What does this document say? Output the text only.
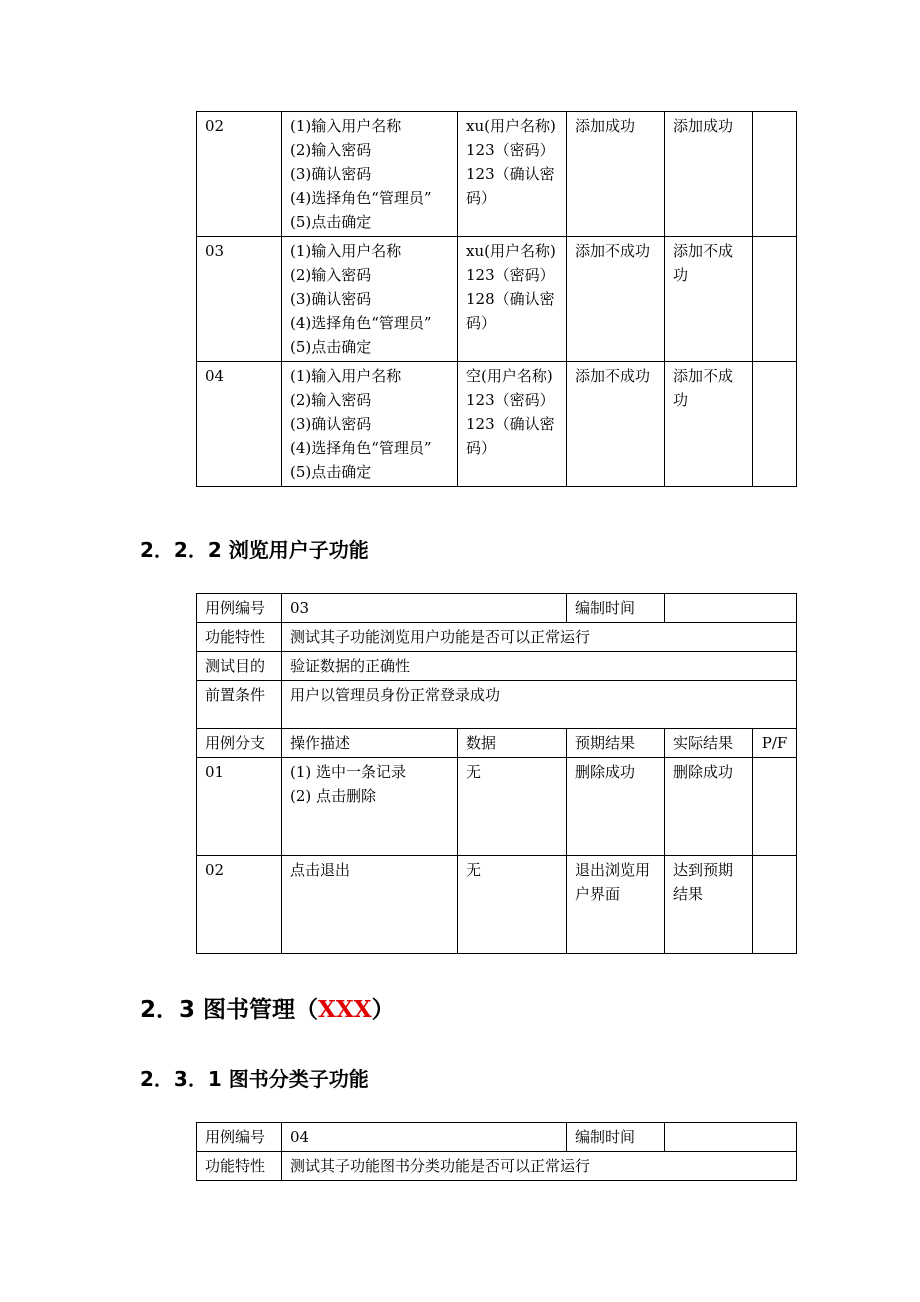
02	(1)输入用户名称
(2)输入密码
(3)确认密码
(4)选择角色“管理员”
(5)点击确定	xu(用户名称)
123（密码）
123（确认密
码）	添加成功	添加成功	
03	(1)输入用户名称
(2)输入密码
(3)确认密码
(4)选择角色“管理员”
(5)点击确定	xu(用户名称)
123（密码）
128（确认密
码）	添加不成功	添加不成
功	

04	(1)输入用户名称
(2)输入密码
(3)确认密码
(4)选择角色“管理员”
(5)点击确定	空(用户名称)
123（密码）
123（确认密
码）	添加不成功	添加不成
功	

2．2．2 浏览用户子功能
用例编号	03		编制时间		
功能特性	测试其子功能浏览用户功能是否可以正常运行				
测试目的	验证数据的正确性				
前置条件	用户以管理员身份正常登录成功				
用例分支	操作描述	数据	预期结果	实际结果	P/F
01	(1) 选中一条记录
(2) 点击删除	无	删除成功	删除成功	

02	点击退出	无	退出浏览用
户界面	达到预期
结果	

2．3 图书管理（XXX）
2．3．1 图书分类子功能
用例编号	04	编制时间	
功能特性	测试其子功能图书分类功能是否可以正常运行		
